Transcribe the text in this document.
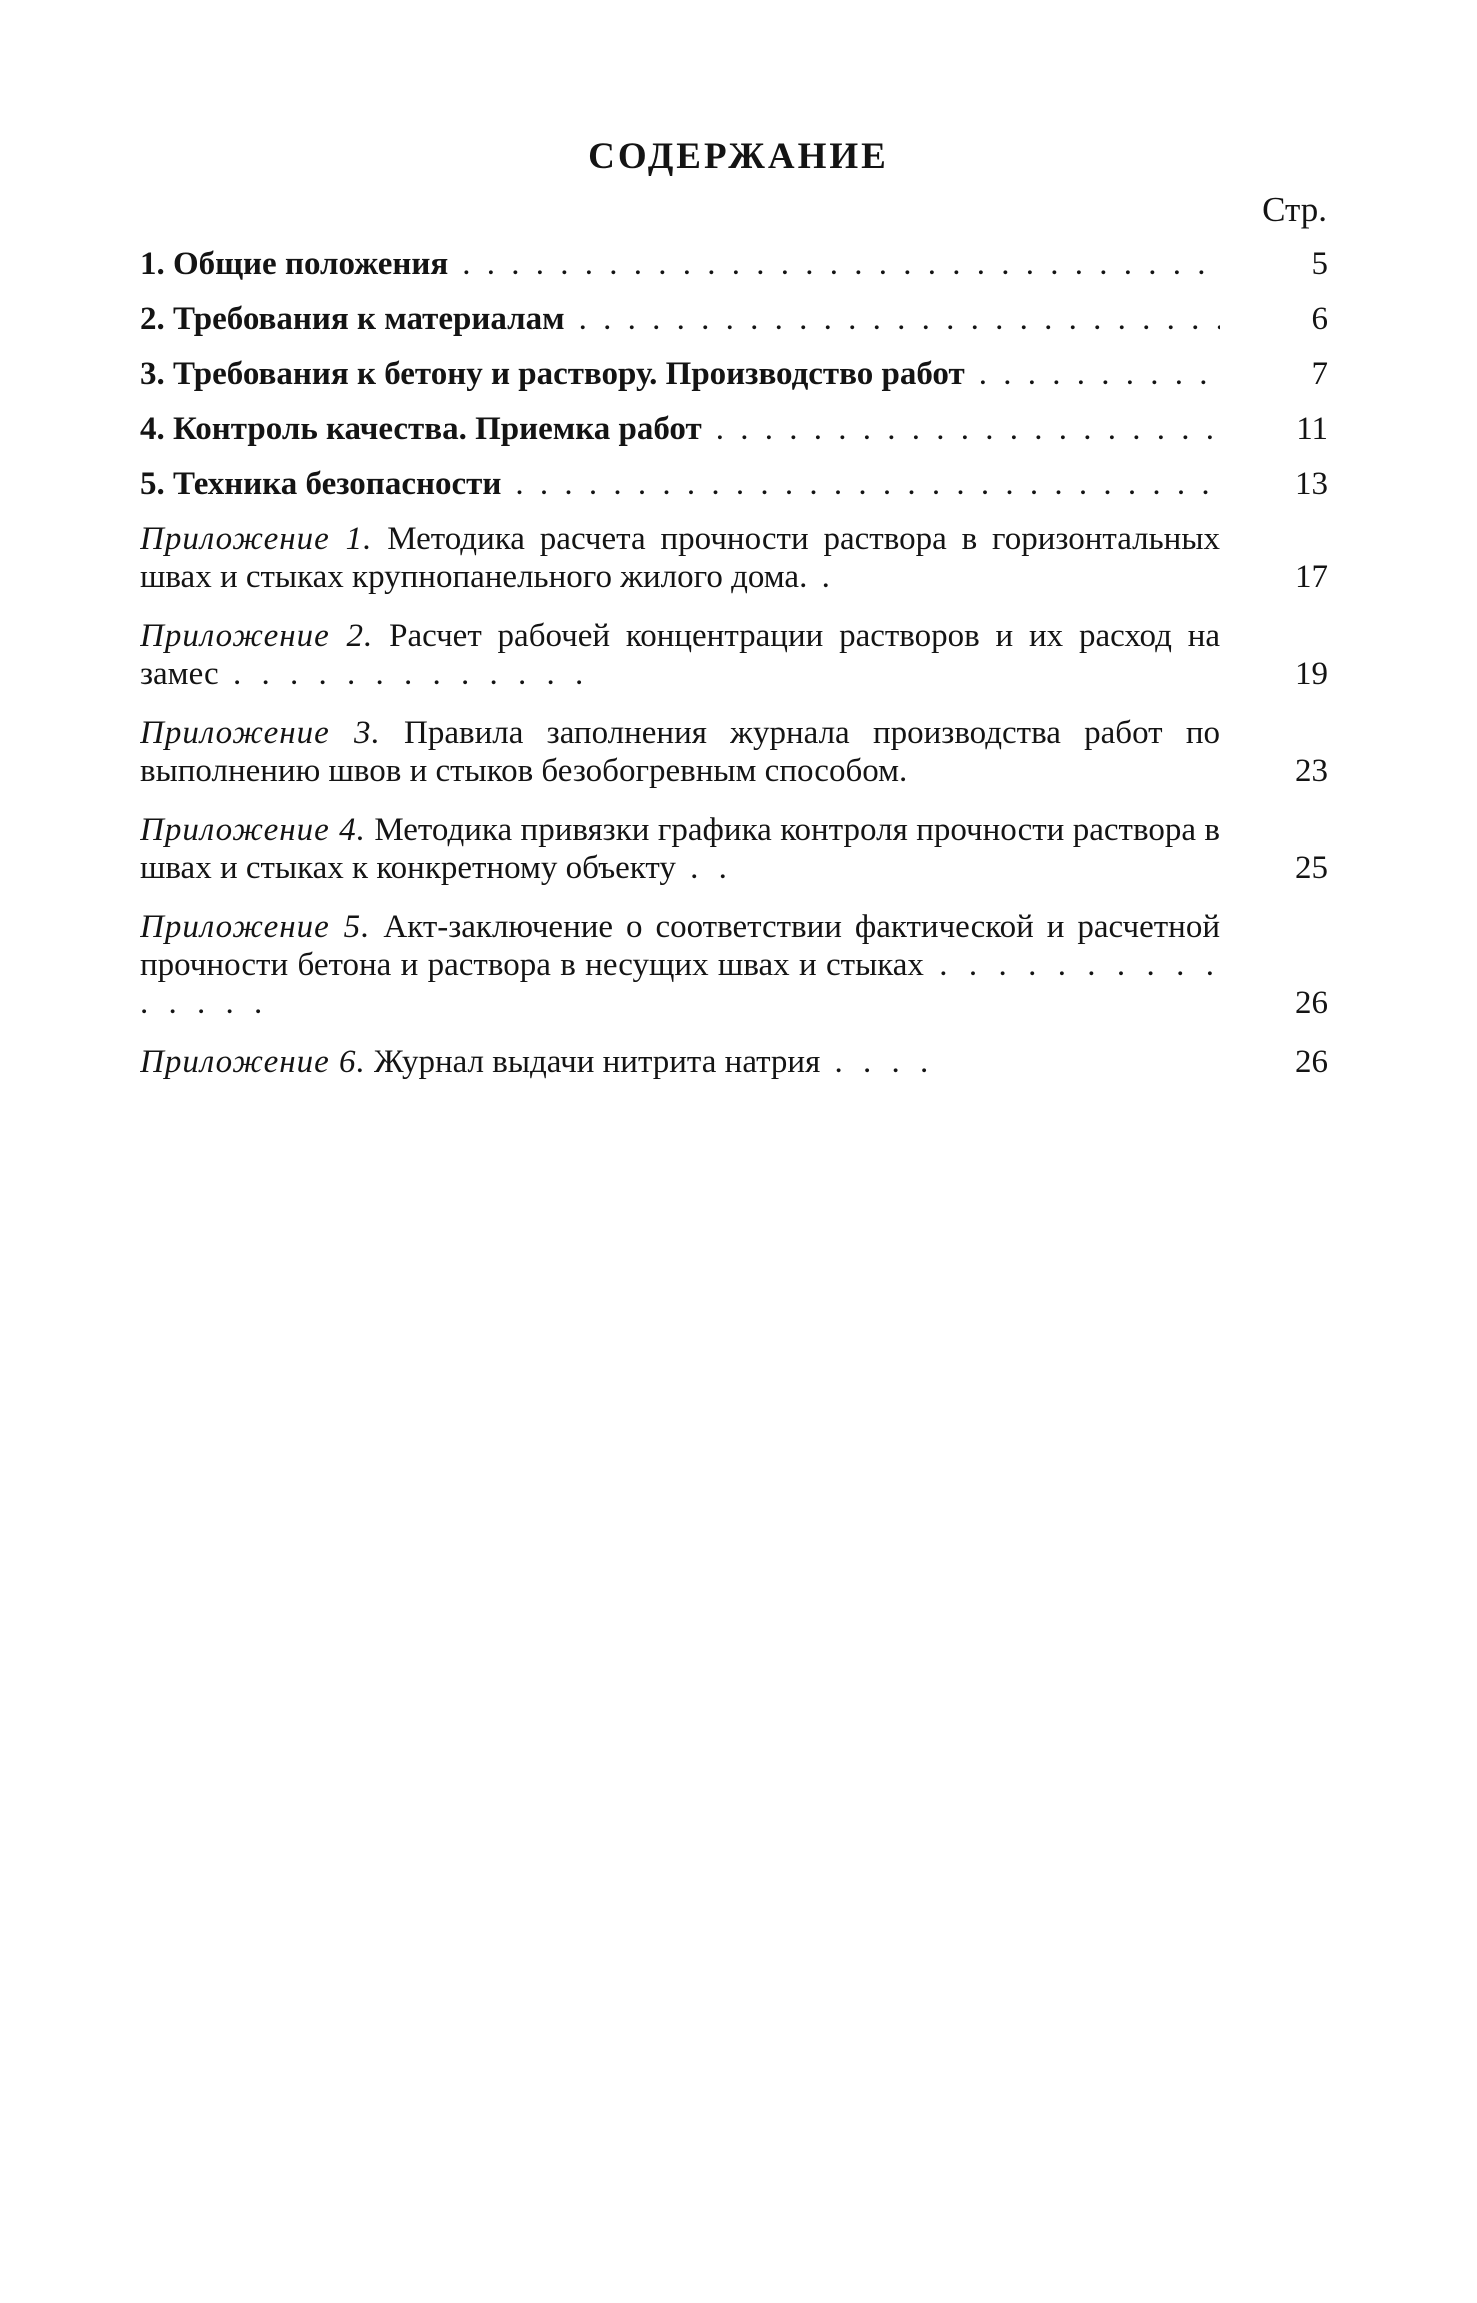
СОДЕРЖАНИЕ
Стр.
1. Общие положения . .	5
2. Требования к материалам . .	6
3. Требования к бетону и раствору. Производство работ . .	7
4. Контроль качества. Приемка работ . .	11
5. Техника безопасности . .	13
Приложение 1. Методика расчета прочности раствора в горизонтальных швах и стыках крупнопанельного жилого дома. .	17
Приложение 2. Расчет рабочей концентрации растворов и их расход на замес . . . . . . . . . . . . .	19
Приложение 3. Правила заполнения журнала производства работ по выполнению швов и стыков безобогревным способом.	23
Приложение 4. Методика привязки графика контроля прочности раствора в швах и стыках к конкретному объекту . .	25
Приложение 5. Акт-заключение о соответствии фактической и расчетной прочности бетона и раствора в несущих швах и стыках . . . . . . . . . . . . . . .	26
Приложение 6. Журнал выдачи нитрита натрия . . . .	26
